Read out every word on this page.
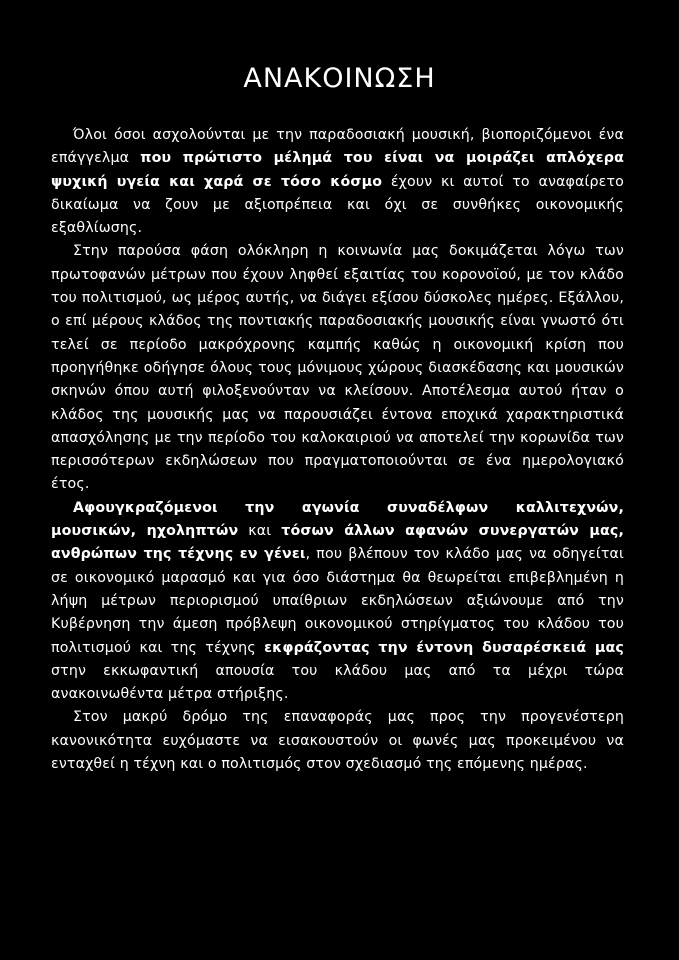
ΑΝΑΚΟΙΝΩΣΗ

Όλοι όσοι ασχολούνται με την παραδοσιακή μουσική, βιοποριζόμενοι ένα επάγγελμα που πρώτιστο μέλημά του είναι να μοιράζει απλόχερα ψυχική υγεία και χαρά σε τόσο κόσμο έχουν κι αυτοί το αναφαίρετο δικαίωμα να ζουν με αξιοπρέπεια και όχι σε συνθήκες οικονομικής εξαθλίωσης.

Στην παρούσα φάση ολόκληρη η κοινωνία μας δοκιμάζεται λόγω των πρωτοφανών μέτρων που έχουν ληφθεί εξαιτίας του κορονοϊού, με τον κλάδο του πολιτισμού, ως μέρος αυτής, να διάγει εξίσου δύσκολες ημέρες. Εξάλλου, ο επί μέρους κλάδος της ποντιακής παραδοσιακής μουσικής είναι γνωστό ότι τελεί σε περίοδο μακρόχρονης καμπής καθώς η οικονομική κρίση που προηγήθηκε οδήγησε όλους τους μόνιμους χώρους διασκέδασης και μουσικών σκηνών όπου αυτή φιλοξενούνταν να κλείσουν. Αποτέλεσμα αυτού ήταν ο κλάδος της μουσικής μας να παρουσιάζει έντονα εποχικά χαρακτηριστικά απασχόλησης με την περίοδο του καλοκαιριού να αποτελεί την κορωνίδα των περισσότερων εκδηλώσεων που πραγματοποιούνται σε ένα ημερολογιακό έτος.

Αφουγκραζόμενοι την αγωνία συναδέλφων καλλιτεχνών, μουσικών, ηχοληπτών και τόσων άλλων αφανών συνεργατών μας, ανθρώπων της τέχνης εν γένει, που βλέπουν τον κλάδο μας να οδηγείται σε οικονομικό μαρασμό και για όσο διάστημα θα θεωρείται επιβεβλημένη η λήψη μέτρων περιορισμού υπαίθριων εκδηλώσεων αξιώνουμε από την Κυβέρνηση την άμεση πρόβλεψη οικονομικού στηρίγματος του κλάδου του πολιτισμού και της τέχνης εκφράζοντας την έντονη δυσαρέσκειά μας στην εκκωφαντική απουσία του κλάδου μας από τα μέχρι τώρα ανακοινωθέντα μέτρα στήριξης.

Στον μακρύ δρόμο της επαναφοράς μας προς την προγενέστερη κανονικότητα ευχόμαστε να εισακουστούν οι φωνές μας προκειμένου να ενταχθεί η τέχνη και ο πολιτισμός στον σχεδιασμό της επόμενης ημέρας.
